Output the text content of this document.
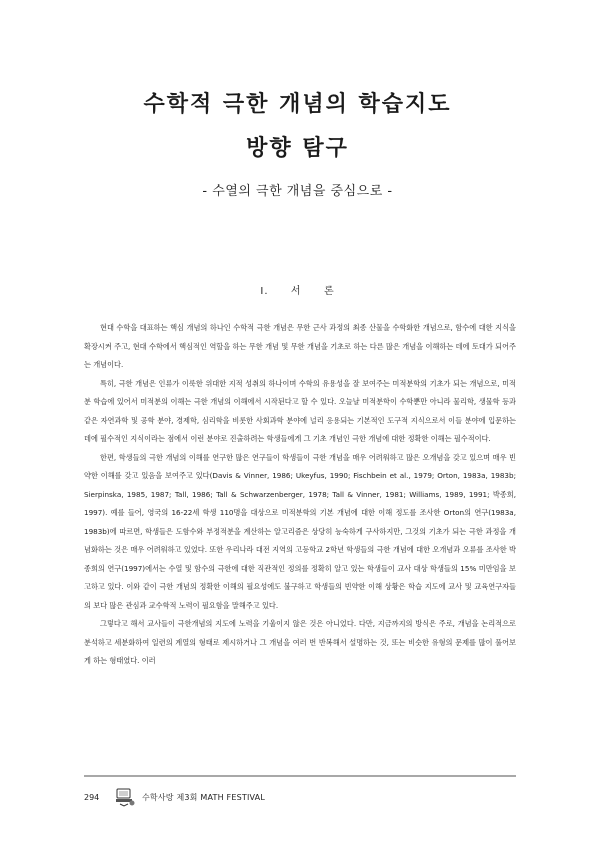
수학적 극한 개념의 학습지도
방향 탐구
- 수열의 극한 개념을 중심으로 -
I. 서 론

현대 수학을 대표하는 핵심 개념의 하나인 수학적 극한 개념은 무한 근사 과정의 최종 산물을 수학화한 개념으로, 함수에 대한 지식을 확장시켜 주고, 현대 수학에서 핵심적인 역할을 하는 무한 개념 및 무한 개념을 기초로 하는 다른 많은 개념을 이해하는 데에 토대가 되어주는 개념이다.

특히, 극한 개념은 인류가 이룩한 위대한 지적 성취의 하나이며 수학의 유용성을 잘 보여주는 미적분학의 기초가 되는 개념으로, 미적분 학습에 있어서 미적분의 이해는 극한 개념의 이해에서 시작된다고 할 수 있다. 오늘날 미적분학이 수학뿐만 아니라 물리학, 생물학 등과 같은 자연과학 및 공학 분야, 경제학, 심리학을 비롯한 사회과학 분야에 널리 응용되는 기본적인 도구적 지식으로서 이들 분야에 입문하는 데에 필수적인 지식이라는 점에서 이런 분야로 진출하려는 학생들에게 그 기초 개념인 극한 개념에 대한 정확한 이해는 필수적이다.

한편, 학생들의 극한 개념의 이해를 연구한 많은 연구들이 학생들이 극한 개념을 매우 어려워하고 많은 오개념을 갖고 있으며 매우 빈약한 이해를 갖고 있음을 보여주고 있다(Davis & Vinner, 1986; Ukeyfus, 1990; Fischbein et al., 1979; Orton, 1983a, 1983b; Sierpinska, 1985, 1987; Tall, 1986; Tall & Schwarzenberger, 1978; Tall & Vinner, 1981; Williams, 1989, 1991; 박종희, 1997). 예를 들어, 영국의 16-22세 학생 110명을 대상으로 미적분학의 기본 개념에 대한 이해 정도를 조사한 Orton의 연구(1983a, 1983b)에 따르면, 학생들은 도함수와 부정적분을 계산하는 알고리즘은 상당히 능숙하게 구사하지만, 그것의 기초가 되는 극한 과정을 개념화하는 것은 매우 어려워하고 있었다. 또한 우리나라 대전 지역의 고등학교 2학년 학생들의 극한 개념에 대한 오개념과 오류를 조사한 박종희의 연구(1997)에서는 수열 및 함수의 극한에 대한 직관적인 정의를 정확히 알고 있는 학생들이 교사 대상 학생들의 15% 미만임을 보고하고 있다. 이와 같이 극한 개념의 정확한 이해의 필요성에도 불구하고 학생들의 빈약한 이해 상황은 학습 지도에 교사 및 교육연구자들의 보다 많은 관심과 교수학적 노력이 필요함을 말해주고 있다.

그렇다고 해서 교사들이 극한개념의 지도에 노력을 기울이지 않은 것은 아니었다. 다만, 지금까지의 방식은 주로, 개념을 논리적으로 분석하고 세분화하여 일련의 계열의 형태로 제시하거나 그 개념을 여러 번 반복해서 설명하는 것, 또는 비슷한 유형의 문제를 많이 풀어보게 하는 형태였다. 이러

294	수학사랑 제3회 MATH FESTIVAL
